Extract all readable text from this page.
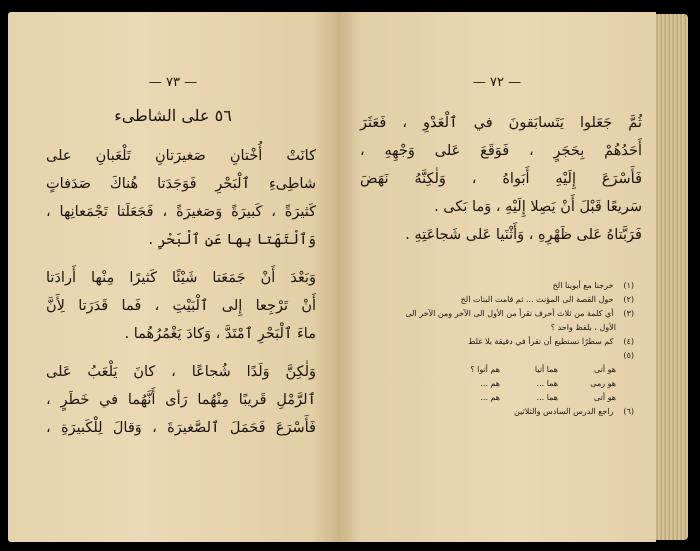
— ٧٢ —
ثُمَّ جَعَلوا يَتَسابَقونَ في ٱلْعَدْوِ ، فَعَثَرَ
أَحَدُهُمْ بِحَجَرٍ ، فَوَقَعَ عَلى وَجْهِهِ ،
فَأَسْرَعَ إِلَيْهِ أَبَواهُ ، وَلٰكِنَّهُ نَهَضَ
سَريعًا قَبْلَ أَنْ يَصِلا إِلَيْهِ ، وَما بَكى .
فَرَبَّتاهُ عَلى ظَهْرِهِ ، وَأَثْنَيا عَلى شَجاعَتِهِ .
(١) خرجنا مع أبوينا الخ
(٢) حول القصة الى المؤنث ... ثم قامت البنات الخ
(٣) أي كلمة من ثلاث أحرف تقرأ من الأول الى الآخر ومن الآخر الى
الأول ، بلفظ واحد ؟
(٤) كم سطرًا تستطيع أن تقرأ في دقيقة بلا غلط
(٥)
هو أتى
هما أتيا
هم أتوا ؟
هو رمى
هما ...
هم ...
هو أتى
هما ...
هم ...
(٦) راجع الدرس السادس والثلاثين
— ٧٣ —
٥٦ على الشاطىء
كانَتْ أُخْتانِ صَغيرَتانِ تَلْعَبانِ على
شاطِىءِ ٱلْبَحْرِ فَوَجَدَتا هُناكَ صَدَفاتٍ
كَثيرَةً ، كَبيرَةً وَصَغيرَةً ، فَجَعَلَتا تَجْمَعانِها ،
وَٱلْتَهَتا بِها عَنِ ٱلْبَحْرِ .
وَبَعْدَ أَنْ جَمَعَتا شَيْئًا كَثيرًا مِنْها أَرادَتا
أَنْ تَرْجِعا إِلى ٱلْبَيْتِ ، فَما قَدَرَتا لِأَنَّ
ماءَ ٱلْبَحْرِ ٱمْتَدَّ ، وَكادَ يَغْمُرُهُما .
وَلٰكِنَّ وَلَدًا شُجاعًا ، كانَ يَلْعَبُ عَلى
ٱلرَّمْلِ قَريبًا مِنْهُما رَأى أَنَّهُما في خَطَرٍ ،
فَأَسْرَعَ فَحَمَلَ ٱلصَّغيرَةَ ، وَقالَ لِلْكَبيرَةِ ،
